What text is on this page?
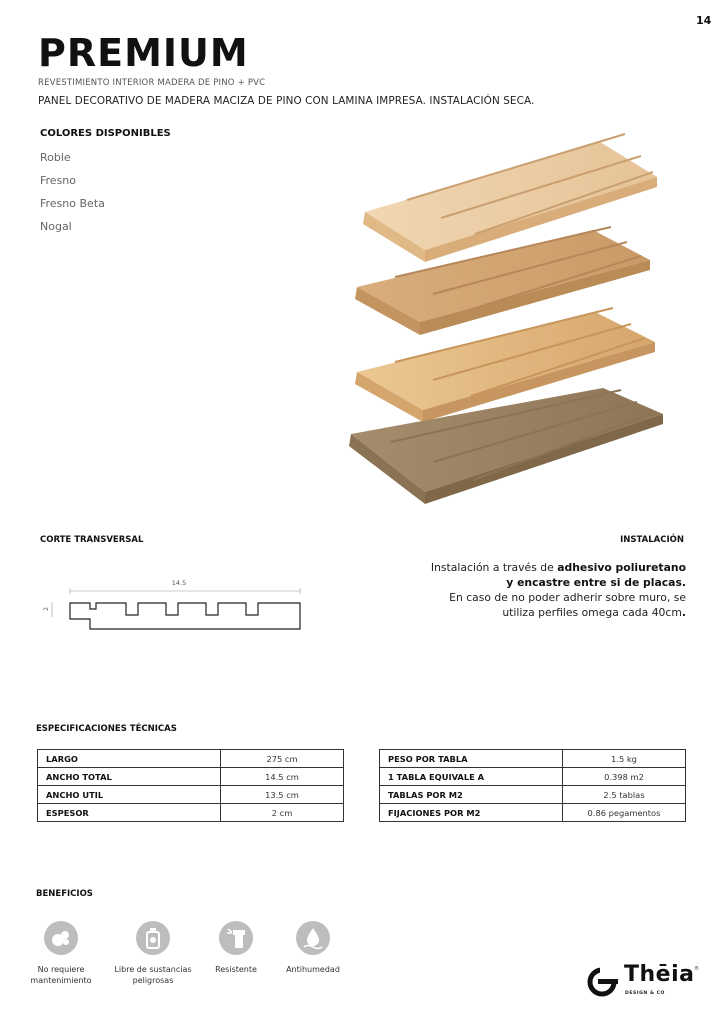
14
PREMIUM
REVESTIMIENTO INTERIOR MADERA DE PINO + PVC
PANEL DECORATIVO DE MADERA MACIZA DE PINO CON LAMINA IMPRESA. INSTALACIÓN SECA.
COLORES DISPONIBLES
Roble
Fresno
Fresno Beta
Nogal
CORTE TRANSVERSAL	INSTALACIÓN
14.5
2
Instalación a través de adhesivo poliuretano
y encastre entre si de placas.
En caso de no poder adherir sobre muro, se
utiliza perfiles omega cada 40cm.
ESPECIFICACIONES TÉCNICAS
LARGO	275 cm
ANCHO TOTAL	14.5 cm
ANCHO UTIL	13.5 cm
ESPESOR	2 cm
PESO POR TABLA	1.5 kg
1 TABLA EQUIVALE A	0.398 m2
TABLAS POR M2	2.5 tablas
FIJACIONES POR M2	0.86 pegamentos
BENEFICIOS
No requiere
mantenimiento
Libre de sustancias
peligrosas
Resistente	Antihumedad	Thēia
DESIGN & CO
®
